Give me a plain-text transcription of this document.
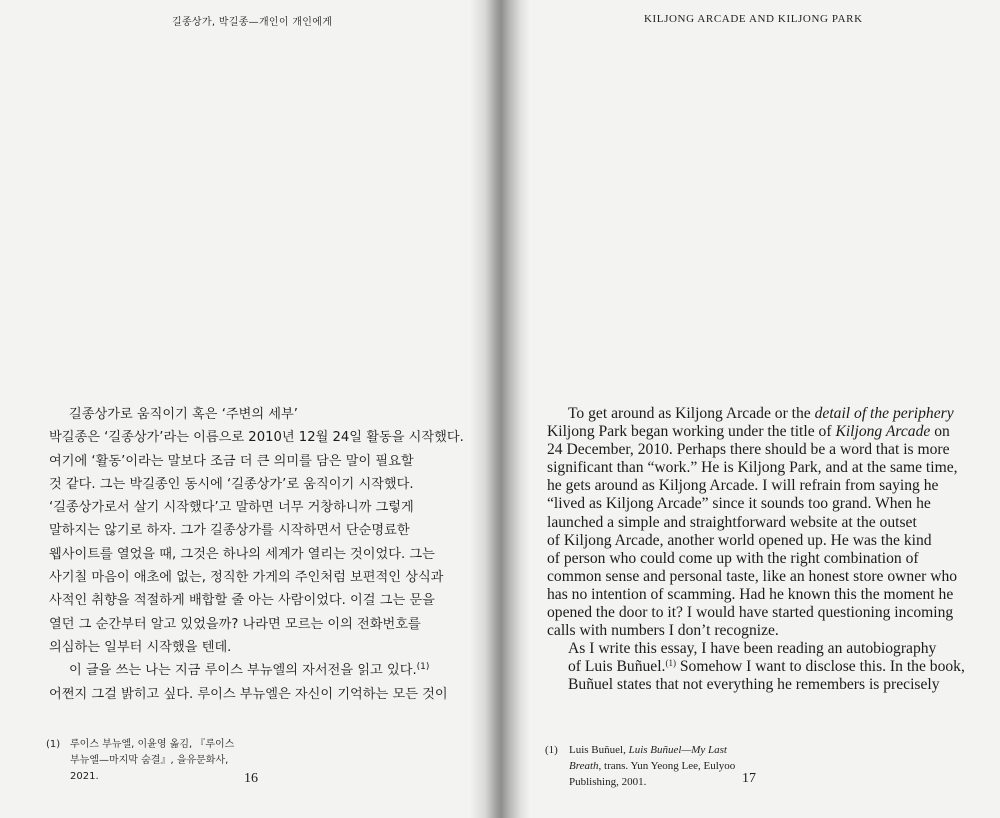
길종상가, 박길종—개인이 개인에게
길종상가로 움직이기 혹은 ‘주변의 세부’
박길종은 ‘길종상가’라는 이름으로 2010년 12월 24일 활동을 시작했다.
여기에 ‘활동’이라는 말보다 조금 더 큰 의미를 담은 말이 필요할
것 같다. 그는 박길종인 동시에 ‘길종상가’로 움직이기 시작했다.
‘길종상가로서 살기 시작했다’고 말하면 너무 거창하니까 그렇게
말하지는 않기로 하자. 그가 길종상가를 시작하면서 단순명료한
웹사이트를 열었을 때, 그것은 하나의 세계가 열리는 것이었다. 그는
사기칠 마음이 애초에 없는, 정직한 가게의 주인처럼 보편적인 상식과
사적인 취향을 적절하게 배합할 줄 아는 사람이었다. 이걸 그는 문을
열던 그 순간부터 알고 있었을까? 나라면 모르는 이의 전화번호를
의심하는 일부터 시작했을 텐데.
이 글을 쓰는 나는 지금 루이스 부뉴엘의 자서전을 읽고 있다.$^{(1)}$
어쩐지 그걸 밝히고 싶다. 루이스 부뉴엘은 자신이 기억하는 모든 것이
(1) 루이스 부뉴엘, 이윤영 옮김, 『루이스
부뉴엘—마지막 숨결』, 을유문화사,
2021.	16
KILJONG ARCADE AND KILJONG PARK
To get around as Kiljong Arcade or the detail of the periphery
Kiljong Park began working under the title of Kiljong Arcade on
24 December, 2010. Perhaps there should be a word that is more
significant than “work.” He is Kiljong Park, and at the same time,
he gets around as Kiljong Arcade. I will refrain from saying he
“lived as Kiljong Arcade” since it sounds too grand. When he
launched a simple and straightforward website at the outset
of Kiljong Arcade, another world opened up. He was the kind
of person who could come up with the right combination of
common sense and personal taste, like an honest store owner who
has no intention of scamming. Had he known this the moment he
opened the door to it? I would have started questioning incoming
calls with numbers I don’t recognize.
As I write this essay, I have been reading an autobiography
of Luis Buñuel.$^{(1)}$ Somehow I want to disclose this. In the book,
Buñuel states that not everything he remembers is precisely
(1) Luis Buñuel, Luis Buñuel—My Last
Breath, trans. Yun Yeong Lee, Eulyoo
Publishing, 2001.	17
